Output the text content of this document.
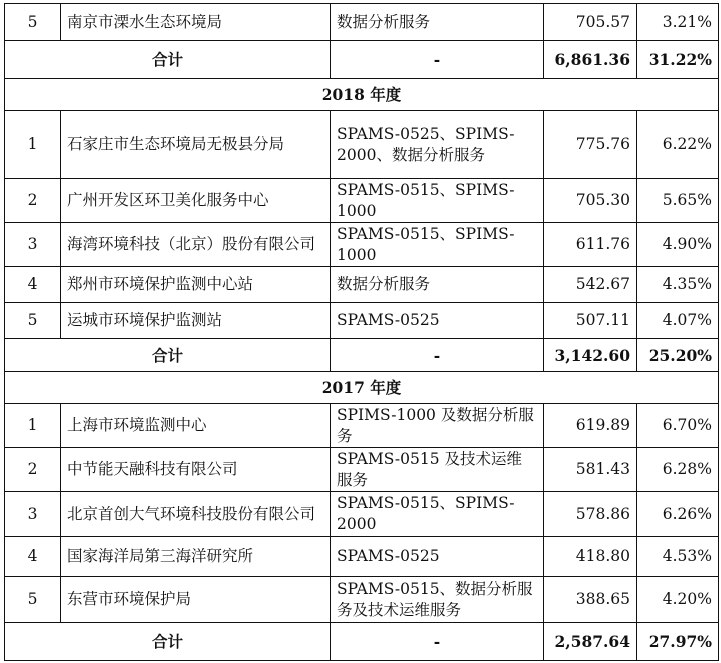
5	南京市溧水生态环境局	数据分析服务	705.57	3.21%
合计		-	6,861.36	31.22%
2018 年度				
1	石家庄市生态环境局无极县分局	SPAMS-0525、SPIMS-2000、数据分析服务	775.76	6.22%
2	广州开发区环卫美化服务中心	SPAMS-0515、SPIMS-1000	705.30	5.65%
3	海湾环境科技（北京）股份有限公司	SPAMS-0515、SPIMS-1000	611.76	4.90%
4	郑州市环境保护监测中心站	数据分析服务	542.67	4.35%
5	运城市环境保护监测站	SPAMS-0525	507.11	4.07%
合计		-	3,142.60	25.20%
2017 年度				
1	上海市环境监测中心	SPIMS-1000 及数据分析服务	619.89	6.70%
2	中节能天融科技有限公司	SPAMS-0515 及技术运维服务	581.43	6.28%
3	北京首创大气环境科技股份有限公司	SPAMS-0515、SPIMS-2000	578.86	6.26%
4	国家海洋局第三海洋研究所	SPAMS-0525	418.80	4.53%
5	东营市环境保护局	SPAMS-0515、数据分析服务及技术运维服务	388.65	4.20%
合计		-	2,587.64	27.97%
